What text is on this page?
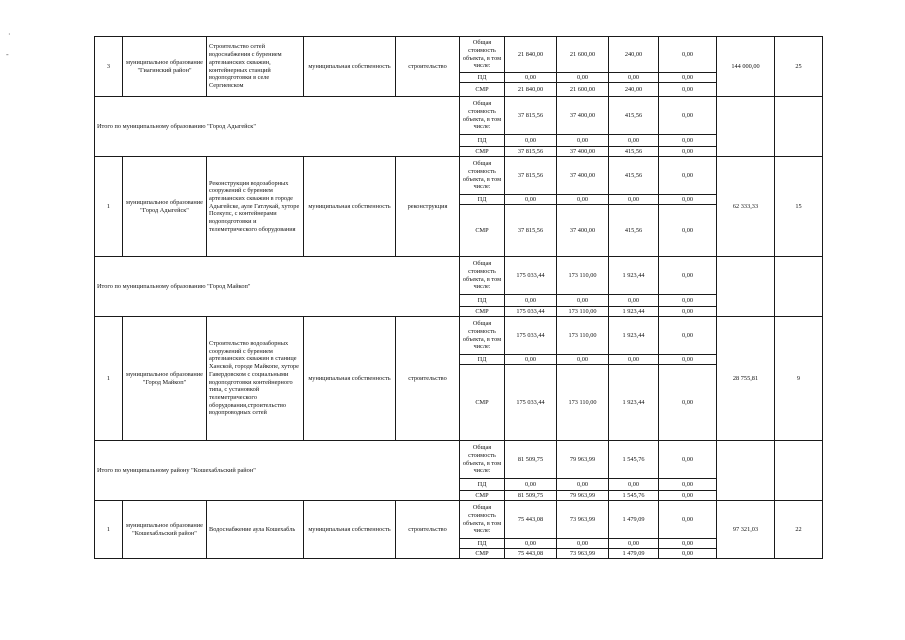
·
-
3	муниципальное образование "Гиагинский район"	Строительство сетей водоснабжения с бурением артезианских скважин, контейнерных станций водоподготовки в селе Сергиевском	муниципальная собственность	строительство	Общая стоимость объекта, в том числе:	21 840,00	21 600,00	240,00	0,00	144 000,00	25
					ПД	0,00	0,00	0,00	0,00		
					СМР	21 840,00	21 600,00	240,00	0,00		
Итого по муниципальному образованию "Город Адыгейск"					Общая стоимость объекта, в том числе:	37 815,56	37 400,00	415,56	0,00		
					ПД	0,00	0,00	0,00	0,00		
					СМР	37 815,56	37 400,00	415,56	0,00		
1	муниципальное образование "Город Адыгейск"	Реконструкция водозаборных сооружений с бурением артезианских скважин в городе Адыгейске, ауле Гатлукай, хуторе Псекупс, с контейнерами водоподготовки и телеметрического оборудования	муниципальная собственность	реконструкция	Общая стоимость объекта, в том числе:	37 815,56	37 400,00	415,56	0,00	62 333,33	15
					ПД	0,00	0,00	0,00	0,00		
					СМР	37 815,56	37 400,00	415,56	0,00		
Итого по муниципальному образованию "Город Майкоп"					Общая стоимость объекта, в том числе:	175 033,44	173 110,00	1 923,44	0,00		
					ПД	0,00	0,00	0,00	0,00		
					СМР	175 033,44	173 110,00	1 923,44	0,00		
1	муниципальное образование "Город Майкоп"	Строительство водозаборных сооружений с бурением артезианских скважин в станице Ханской, городе Майкопе, хуторе Гавердовском с социальными водоподготовки контейнерного типа, с установкой телеметрического оборудования,строительство водопроводных сетей	муниципальная собственность	строительство	Общая стоимость объекта, в том числе:	175 033,44	173 110,00	1 923,44	0,00	28 755,81	9
					ПД	0,00	0,00	0,00	0,00		
					СМР	175 033,44	173 110,00	1 923,44	0,00		
Итого по муниципальному району "Кошехабльский район"					Общая стоимость объекта, в том числе:	81 509,75	79 963,99	1 545,76	0,00		
					ПД	0,00	0,00	0,00	0,00		
					СМР	81 509,75	79 963,99	1 545,76	0,00		
1	муниципальное образование "Кошехабльский район"	Водоснабжение аула Кошехабль	муниципальная собственность	строительство	Общая стоимость объекта, в том числе:	75 443,08	73 963,99	1 479,09	0,00	97 321,03	22
					ПД	0,00	0,00	0,00	0,00		
					СМР	75 443,08	73 963,99	1 479,09	0,00		
